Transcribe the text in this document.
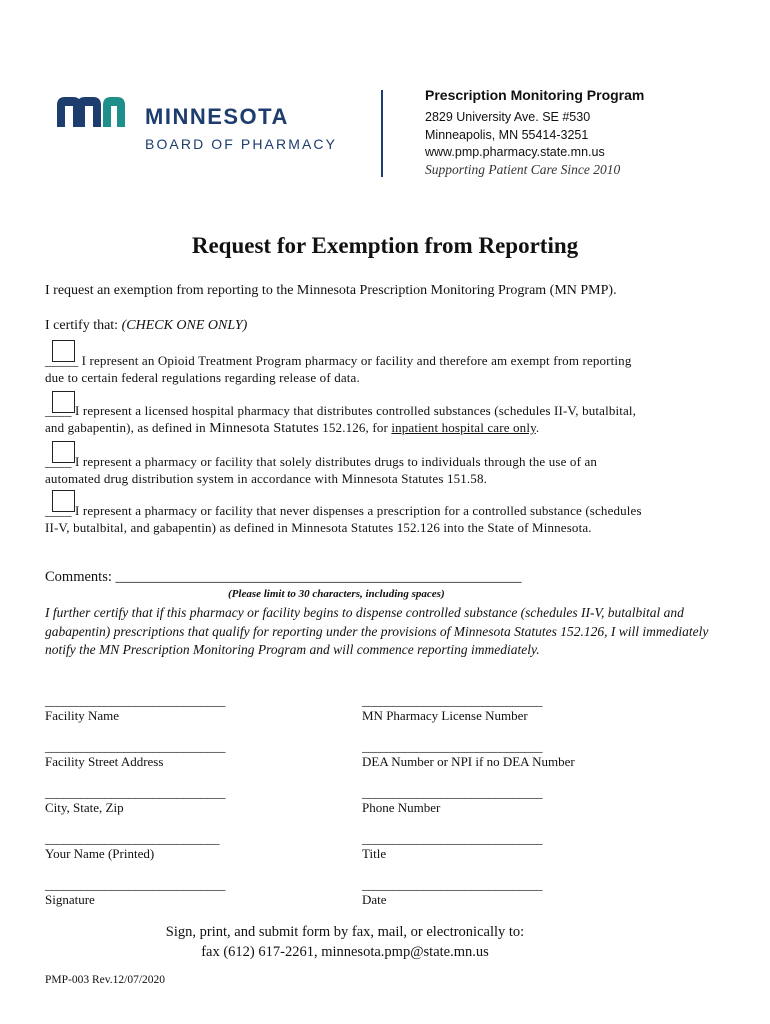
MINNESOTA
BOARD OF PHARMACY
Prescription Monitoring Program
2829 University Ave. SE #530
Minneapolis, MN 55414-3251
www.pmp.pharmacy.state.mn.us
Supporting Patient Care Since 2010
Request for Exemption from Reporting
I request an exemption from reporting to the Minnesota Prescription Monitoring Program (MN PMP).
I certify that: (CHECK ONE ONLY)
_____ I represent an Opioid Treatment Program pharmacy or facility and therefore am exempt from reporting
due to certain federal regulations regarding release of data.
____ I represent a licensed hospital pharmacy that distributes controlled substances (schedules II-V, butalbital,
and gabapentin), as defined in Minnesota Statutes 152.126, for inpatient hospital care only.
____ I represent a pharmacy or facility that solely distributes drugs to individuals through the use of an
automated drug distribution system in accordance with Minnesota Statutes 151.58.
____ I represent a pharmacy or facility that never dispenses a prescription for a controlled substance (schedules
II-V, butalbital, and gabapentin) as defined in Minnesota Statutes 152.126 into the State of Minnesota.
Comments: ________________________________________________________
(Please limit to 30 characters, including spaces)
I further certify that if this pharmacy or facility begins to dispense controlled substance (schedules II-V, butalbital and gabapentin) prescriptions that qualify for reporting under the provisions of Minnesota Statutes 152.126, I will immediately notify the MN Prescription Monitoring Program and will commence reporting immediately.
______________________________
Facility Name
______________________________
Facility Street Address
______________________________
City, State, Zip
_____________________________
Your Name (Printed)
______________________________
Signature
______________________________
MN Pharmacy License Number
______________________________
DEA Number or NPI if no DEA Number
______________________________
Phone Number
______________________________
Title
______________________________
Date
Sign, print, and submit form by fax, mail, or electronically to:
fax (612) 617-2261, minnesota.pmp@state.mn.us
PMP-003 Rev.12/07/2020
